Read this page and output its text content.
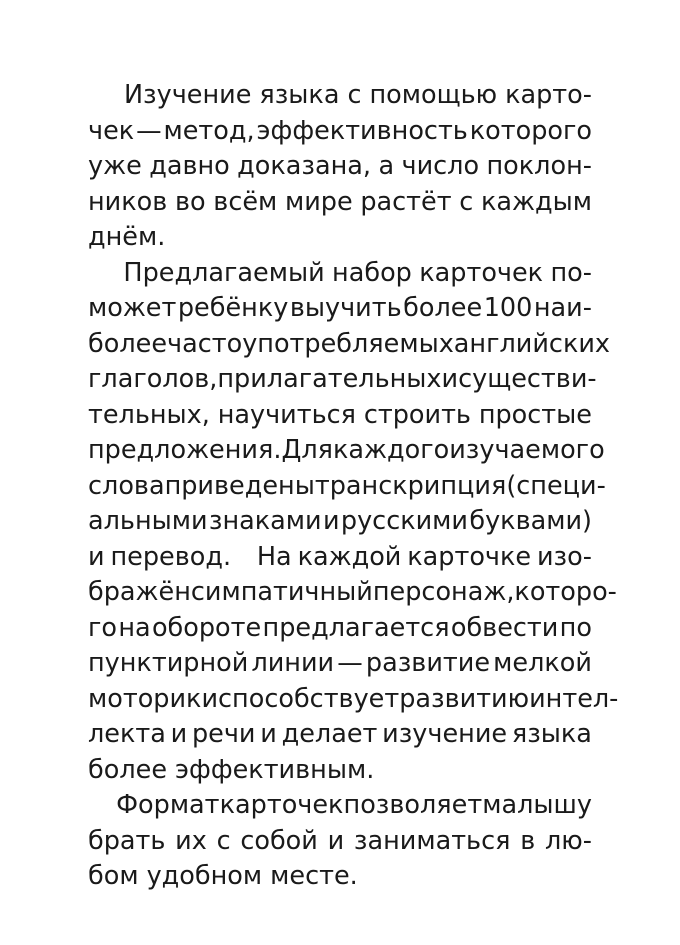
Изучение языка с помощью карто-
чек — метод, эффективность которого
уже давно доказана, а число поклон-
ников во всём мире растёт с каждым
днём.
Предлагаемый набор карточек по-
может ребёнку выучить более 100 наи-
более часто употребляемых английских
глаголов, прилагательных и существи-
тельных, научиться строить простые
предложения. Для каждого изучаемого
слова приведены транскрипция (специ-
альными знаками и русскими буквами)
и перевод. На каждой карточке изо-
бражён симпатичный персонаж, которо-
го на обороте предлагается обвести по
пунктирной линии — развитие мелкой
моторики способствует развитию интел-
лекта и речи и делает изучение языка
более эффективным.
Формат карточек позволяет малышу
брать их с собой и заниматься в лю-
бом удобном месте.
